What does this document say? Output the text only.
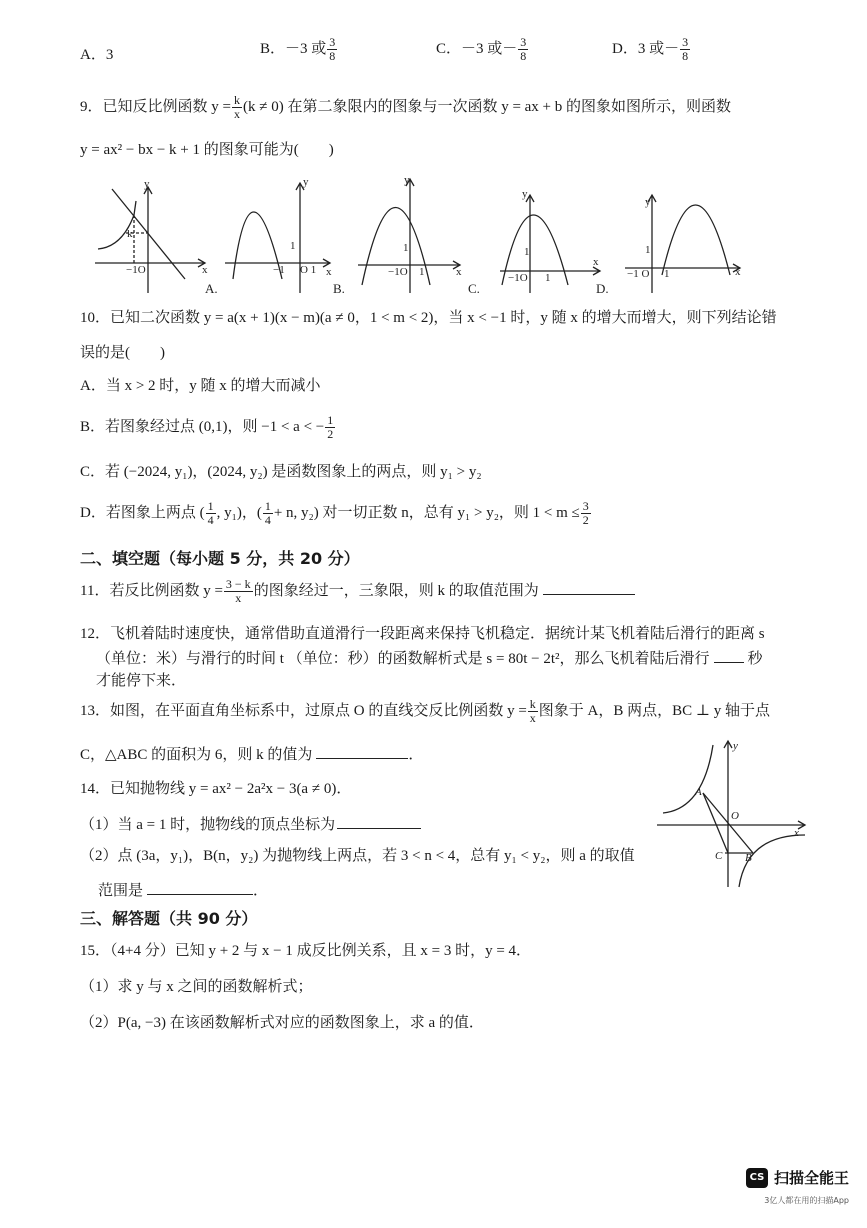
A．3	B．－3 或 $\frac{3}{8}$	C．－3 或－ $\frac{3}{8}$	D．3 或－ $\frac{3}{8}$
9．已知反比例函数 $y = \frac{k}{x} (k \ne 0)$ 在第二象限内的图象与一次函数 y = ax + b 的图象如图所示，则函数
y = ax² − bx − k + 1 的图象可能为(　　)
y
x
−1O
k
A.
y
x
−1
1
O 1
B.
y
x
−1O
1
1
C.
y
x
−1O
1
1
D.
y
x
−1 O
1
1
10．已知二次函数 y = a(x + 1)(x − m)(a ≠ 0，1 < m < 2)，当 x < −1 时，y 随 x 的增大而增大，则下列结论错
误的是(　　)
A．当 x > 2 时，y 随 x 的增大而减小
B．若图象经过点 (0,1)，则 −1 < a < − $\frac{1}{2}$
C．若 (−2024, y₁)，(2024, y₂) 是函数图象上的两点，则 y₁ > y₂
D．若图象上两点 ( $\frac{1}{4}$ , y₁)，( $\frac{1}{4} + n$, y₂) 对一切正数 n，总有 y₁ > y₂，则 $1 < m \le \frac{3}{2}$
二、填空题（每小题 5 分，共 20 分）
11．若反比例函数 $y = \frac{3 - k}{x}$ 的图象经过一，三象限，则 k 的取值范围为
12．飞机着陆时速度快，通常借助直道滑行一段距离来保持飞机稳定．据统计某飞机着陆后滑行的距离 s
（单位：米）与滑行的时间 t （单位：秒）的函数解析式是 s = 80t − 2t²，那么飞机着陆后滑行	秒
才能停下来．
13．如图，在平面直角坐标系中，过原点 O 的直线交反比例函数 $y = \frac{k}{x}$ 图象于 A，B 两点，BC ⊥ y 轴于点
C，△ABC 的面积为 6，则 k 的值为	．
y
x
O
A
B
C
14．已知抛物线 y = ax² − 2a²x − 3(a ≠ 0)．
（1）当 a = 1 时，抛物线的顶点坐标为
（2）点 (3a，y₁)，B(n，y₂) 为抛物线上两点，若 3 < n < 4，总有 y₁ < y₂，则 a 的取值
范围是	．
三、解答题（共 90 分）
15．（4+4 分）已知 y + 2 与 x − 1 成反比例关系，且 x = 3 时，y = 4．
（1）求 y 与 x 之间的函数解析式；
（2）P(a, −3) 在该函数解析式对应的函数图象上，求 a 的值．
CS 扫描全能王
3亿人都在用的扫描App
